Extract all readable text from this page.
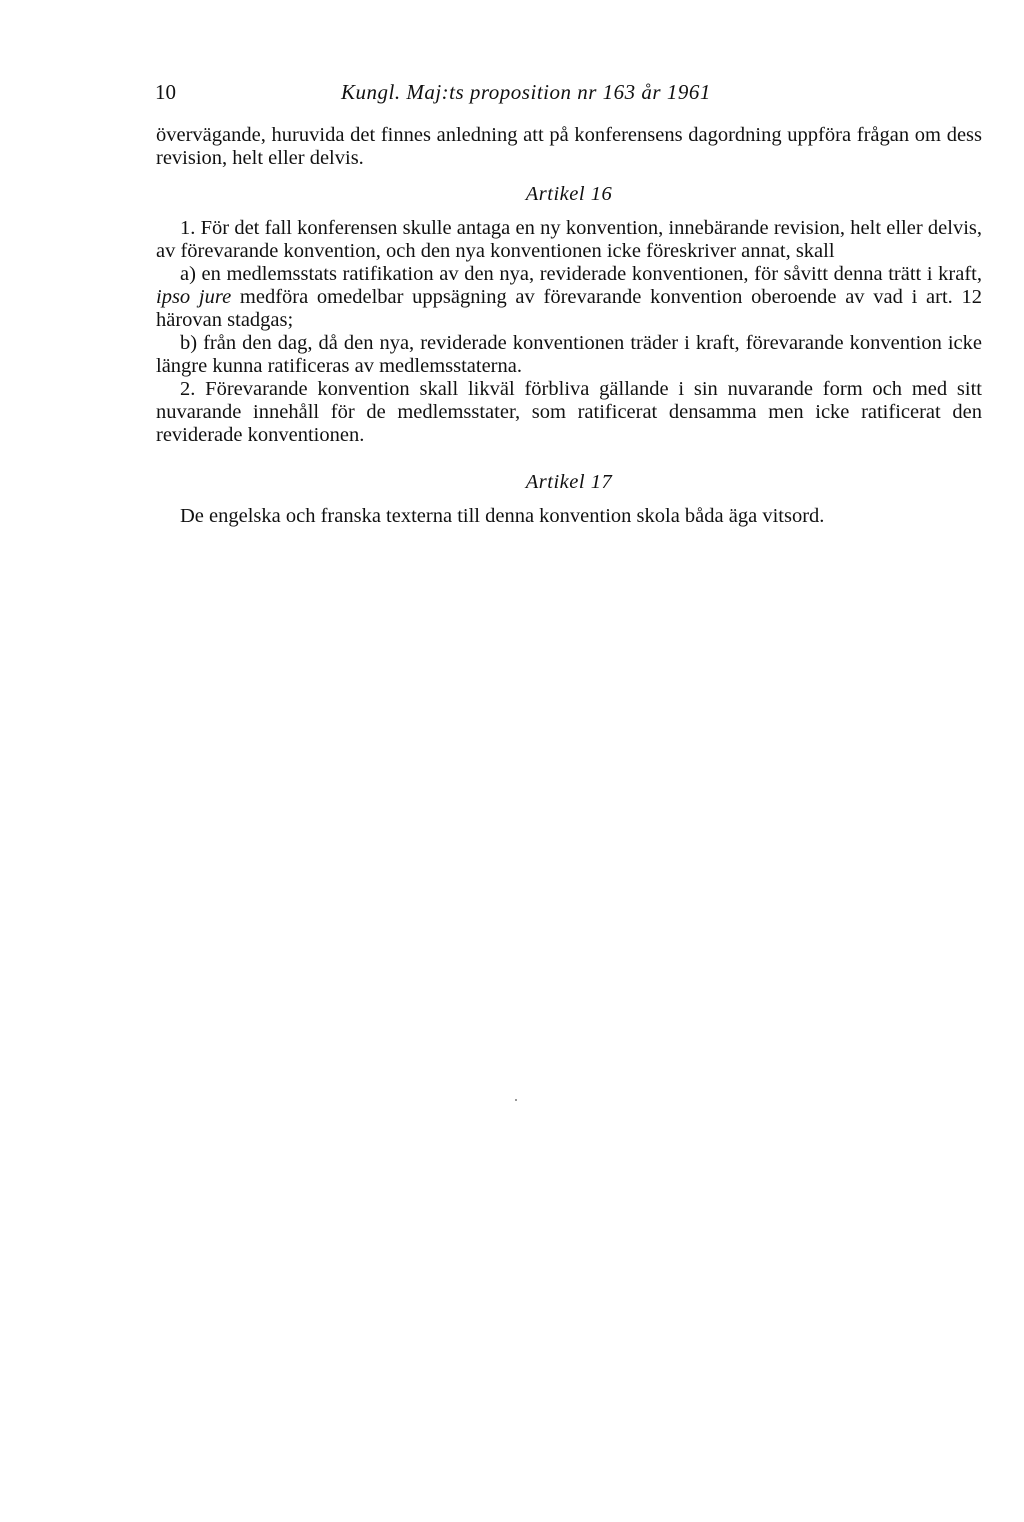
10	Kungl. Maj:ts proposition nr 163 år 1961

övervägande, huruvida det finnes anledning att på konferensens dagordning uppföra frågan om dess revision, helt eller delvis.

Artikel 16

1. För det fall konferensen skulle antaga en ny konvention, innebärande revision, helt eller delvis, av förevarande konvention, och den nya konventionen icke föreskriver annat, skall

a) en medlemsstats ratifikation av den nya, reviderade konventionen, för såvitt denna trätt i kraft, ipso jure medföra omedelbar uppsägning av förevarande konvention oberoende av vad i art. 12 härovan stadgas;

b) från den dag, då den nya, reviderade konventionen träder i kraft, förevarande konvention icke längre kunna ratificeras av medlemsstaterna.

2. Förevarande konvention skall likväl förbliva gällande i sin nuvarande form och med sitt nuvarande innehåll för de medlemsstater, som ratificerat densamma men icke ratificerat den reviderade konventionen.

Artikel 17

De engelska och franska texterna till denna konvention skola båda äga vitsord.
